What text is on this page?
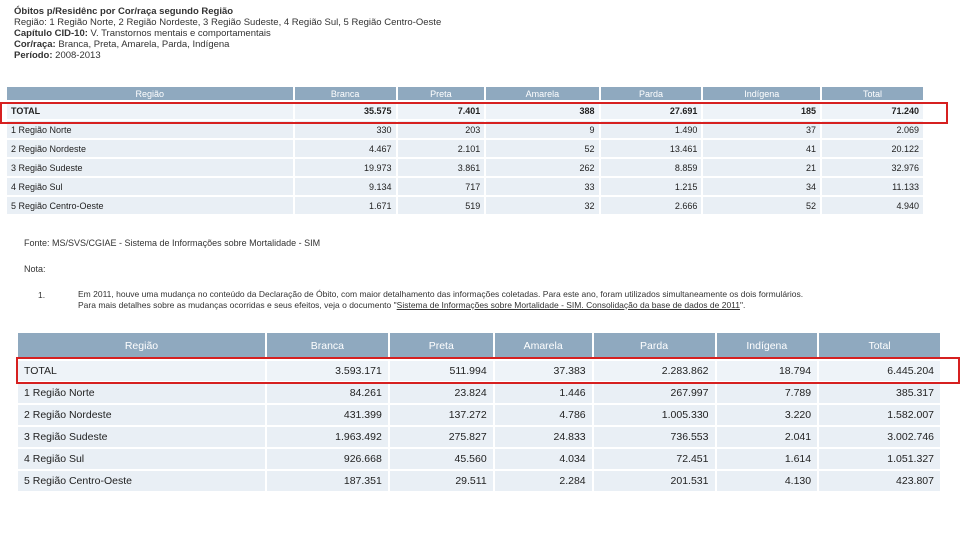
Óbitos p/Residênc por Cor/raça segundo Região
Região: 1 Região Norte, 2 Região Nordeste, 3 Região Sudeste, 4 Região Sul, 5 Região Centro-Oeste
Capítulo CID-10: V. Transtornos mentais e comportamentais
Cor/raça: Branca, Preta, Amarela, Parda, Indígena
Período: 2008-2013
Região	Branca	Preta	Amarela	Parda	Indígena	Total
TOTAL	35.575	7.401	388	27.691	185	71.240
1 Região Norte	330	203	9	1.490	37	2.069
2 Região Nordeste	4.467	2.101	52	13.461	41	20.122
3 Região Sudeste	19.973	3.861	262	8.859	21	32.976
4 Região Sul	9.134	717	33	1.215	34	11.133
5 Região Centro-Oeste	1.671	519	32	2.666	52	4.940
Fonte: MS/SVS/CGIAE - Sistema de Informações sobre Mortalidade - SIM
Nota:
1.	Em 2011, houve uma mudança no conteúdo da Declaração de Óbito, com maior detalhamento das informações coletadas. Para este ano, foram utilizados simultaneamente os dois formulários.
Para mais detalhes sobre as mudanças ocorridas e seus efeitos, veja o documento "Sistema de Informações sobre Mortalidade - SIM. Consolidação da base de dados de 2011".
Região	Branca	Preta	Amarela	Parda	Indígena	Total
TOTAL	3.593.171	511.994	37.383	2.283.862	18.794	6.445.204
1 Região Norte	84.261	23.824	1.446	267.997	7.789	385.317
2 Região Nordeste	431.399	137.272	4.786	1.005.330	3.220	1.582.007
3 Região Sudeste	1.963.492	275.827	24.833	736.553	2.041	3.002.746
4 Região Sul	926.668	45.560	4.034	72.451	1.614	1.051.327
5 Região Centro-Oeste	187.351	29.511	2.284	201.531	4.130	423.807
